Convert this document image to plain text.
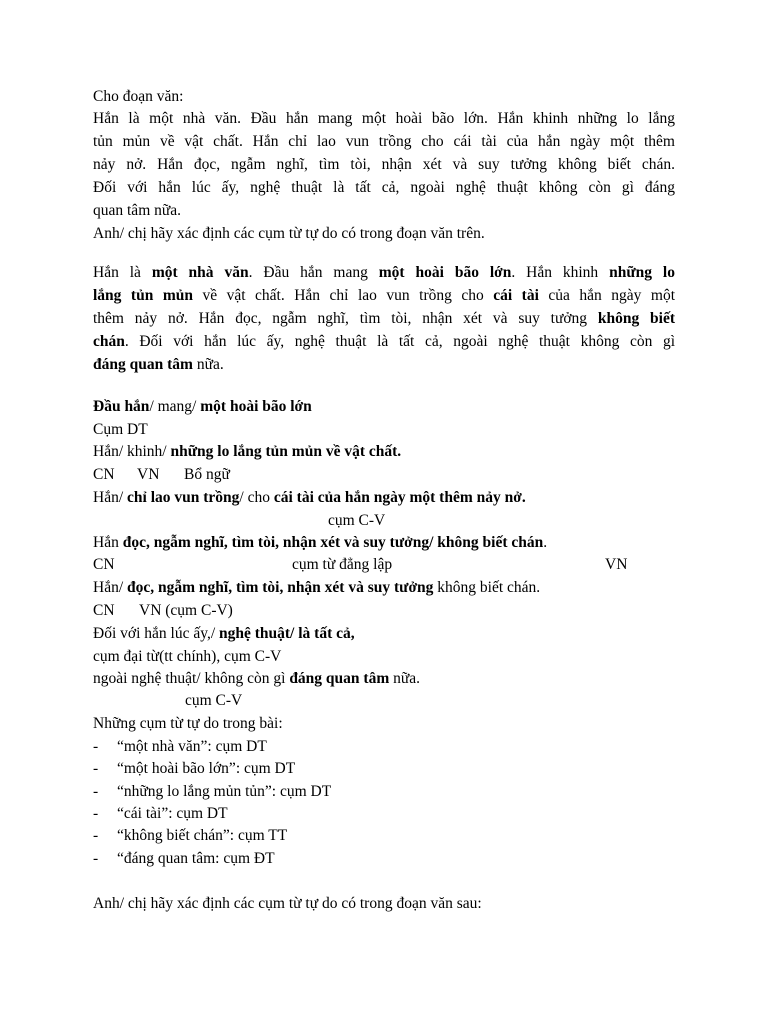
Cho đoạn văn:
Hắn là một nhà văn. Đầu hắn mang một hoài bão lớn. Hắn khinh những lo lắng
tủn mủn về vật chất. Hắn chỉ lao vun trồng cho cái tài của hắn ngày một thêm
nảy nở. Hắn đọc, ngẫm nghĩ, tìm tòi, nhận xét và suy tưởng không biết chán.
Đối với hắn lúc ấy, nghệ thuật là tất cả, ngoài nghệ thuật không còn gì đáng
quan tâm nữa.
Anh/ chị hãy xác định các cụm từ tự do có trong đoạn văn trên.
Hắn là một nhà văn. Đầu hắn mang một hoài bão lớn. Hắn khinh những lo
lắng tủn mủn về vật chất. Hắn chỉ lao vun trồng cho cái tài của hắn ngày một
thêm nảy nở. Hắn đọc, ngẫm nghĩ, tìm tòi, nhận xét và suy tưởng không biết
chán. Đối với hắn lúc ấy, nghệ thuật là tất cả, ngoài nghệ thuật không còn gì
đáng quan tâm nữa.
Đầu hắn/ mang/ một hoài bão lớn
Cụm DT
Hắn/ khinh/ những lo lắng tủn mủn về vật chất.
CN VN Bổ ngữ
Hắn/ chỉ lao vun trồng/ cho cái tài của hắn ngày một thêm nảy nở.
cụm C-V
Hắn đọc, ngẫm nghĩ, tìm tòi, nhận xét và suy tưởng/ không biết chán.
CN	cụm từ đẳng lập	VN
Hắn/ đọc, ngẫm nghĩ, tìm tòi, nhận xét và suy tưởng không biết chán.
CN VN (cụm C-V)
Đối với hắn lúc ấy,/ nghệ thuật/ là tất cả,
cụm đại từ(tt chính), cụm C-V
ngoài nghệ thuật/ không còn gì đáng quan tâm nữa.
cụm C-V
Những cụm từ tự do trong bài:
- “một nhà văn”: cụm DT
- “một hoài bão lớn”: cụm DT
- “những lo lắng mủn tủn”: cụm DT
- “cái tài”: cụm DT
- “không biết chán”: cụm TT
- “đáng quan tâm: cụm ĐT
Anh/ chị hãy xác định các cụm từ tự do có trong đoạn văn sau:
